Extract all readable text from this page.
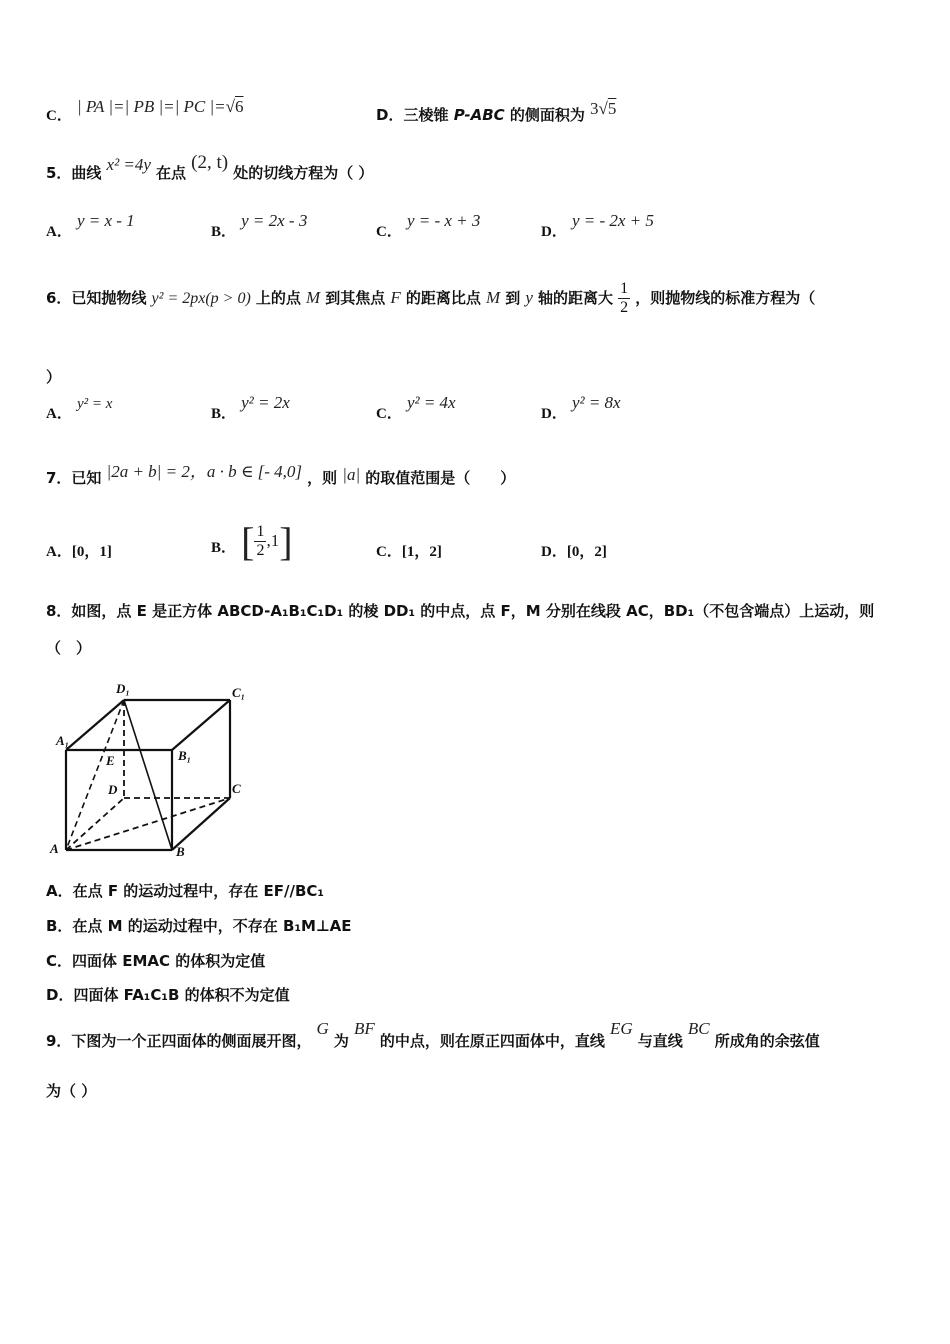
C． | PA |=| PB |=| PC |=√6	D．三棱锥 P-ABC 的侧面积为 3√5
5．曲线 x² =4y 在点 (2, t) 处的切线方程为（ ）
A． y = x - 1
B． y = 2x - 3
C． y = - x + 3
D． y = - 2x + 5
6．已知抛物线 y² = 2px(p > 0) 上的点 M 到其焦点 F 的距离比点 M 到 y 轴的距离大 $\frac{1}{2}$ ，则抛物线的标准方程为（
）
A． y² = x
B． y² = 2x
C． y² = 4x
D． y² = 8x
7．已知 |2a + b| = 2，a · b ∈ [- 4,0] ，则 |a| 的取值范围是（　　）
A．[0，1]	B． [ $\frac{1}{2} ,1$]	C．[1，2]	D．[0，2]
8．如图，点 E 是正方体 ABCD-A₁B₁C₁D₁ 的棱 DD₁ 的中点，点 F，M 分别在线段 AC，BD₁（不包含端点）上运动，则
（　）
D₁	C₁
A₁
B₁
E
D	C
A	B
A．在点 F 的运动过程中，存在 EF//BC₁
B．在点 M 的运动过程中，不存在 B₁M⊥AE
C．四面体 EMAC 的体积为定值
D．四面体 FA₁C₁B 的体积不为定值
9．下图为一个正四面体的侧面展开图， G 为 BF 的中点，则在原正四面体中，直线 EG 与直线 BC 所成角的余弦值
为（ ）
